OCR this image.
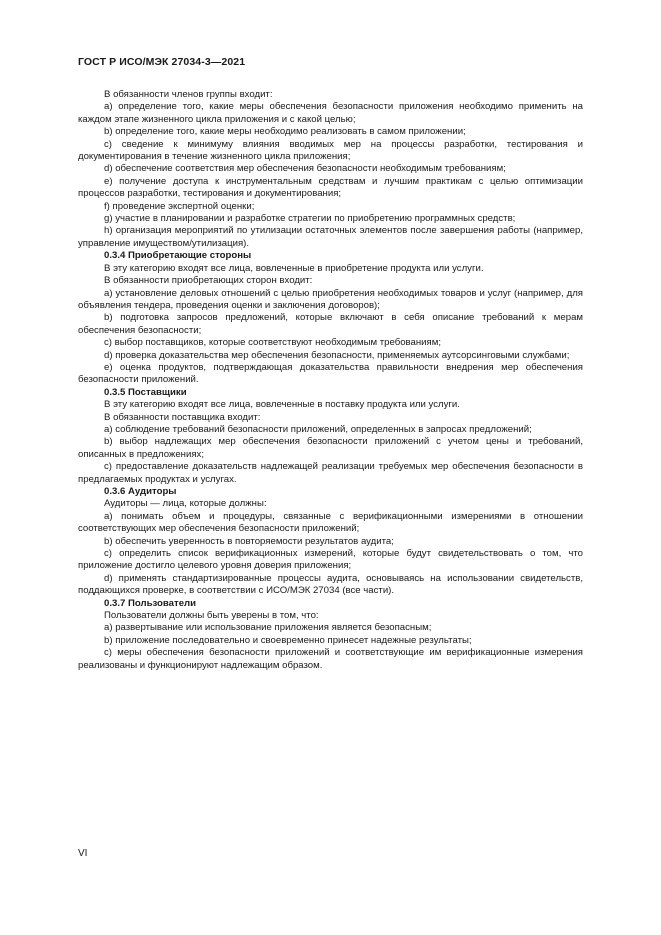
ГОСТ Р ИСО/МЭК 27034-3—2021

В обязанности членов группы входит:

a) определение того, какие меры обеспечения безопасности приложения необходимо применить на каждом этапе жизненного цикла приложения и с какой целью;

b) определение того, какие меры необходимо реализовать в самом приложении;

c) сведение к минимуму влияния вводимых мер на процессы разработки, тестирования и документирования в течение жизненного цикла приложения;

d) обеспечение соответствия мер обеспечения безопасности необходимым требованиям;

e) получение доступа к инструментальным средствам и лучшим практикам с целью оптимизации процессов разработки, тестирования и документирования;

f) проведение экспертной оценки;

g) участие в планировании и разработке стратегии по приобретению программных средств;

h) организация мероприятий по утилизации остаточных элементов после завершения работы (например, управление имуществом/утилизация).

0.3.4 Приобретающие стороны

В эту категорию входят все лица, вовлеченные в приобретение продукта или услуги.

В обязанности приобретающих сторон входит:

a) установление деловых отношений с целью приобретения необходимых товаров и услуг (например, для объявления тендера, проведения оценки и заключения договоров);

b) подготовка запросов предложений, которые включают в себя описание требований к мерам обеспечения безопасности;

c) выбор поставщиков, которые соответствуют необходимым требованиям;

d) проверка доказательства мер обеспечения безопасности, применяемых аутсорсинговыми службами;

e) оценка продуктов, подтверждающая доказательства правильности внедрения мер обеспечения безопасности приложений.

0.3.5 Поставщики

В эту категорию входят все лица, вовлеченные в поставку продукта или услуги.

В обязанности поставщика входит:

a) соблюдение требований безопасности приложений, определенных в запросах предложений;

b) выбор надлежащих мер обеспечения безопасности приложений с учетом цены и требований, описанных в предложениях;

c) предоставление доказательств надлежащей реализации требуемых мер обеспечения безопасности в предлагаемых продуктах и услугах.

0.3.6 Аудиторы

Аудиторы — лица, которые должны:

a) понимать объем и процедуры, связанные с верификационными измерениями в отношении соответствующих мер обеспечения безопасности приложений;

b) обеспечить уверенность в повторяемости результатов аудита;

c) определить список верификационных измерений, которые будут свидетельствовать о том, что приложение достигло целевого уровня доверия приложения;

d) применять стандартизированные процессы аудита, основываясь на использовании свидетельств, поддающихся проверке, в соответствии с ИСО/МЭК 27034 (все части).

0.3.7 Пользователи

Пользователи должны быть уверены в том, что:

a) развертывание или использование приложения является безопасным;

b) приложение последовательно и своевременно принесет надежные результаты;

c) меры обеспечения безопасности приложений и соответствующие им верификационные измерения реализованы и функционируют надлежащим образом.

VI
